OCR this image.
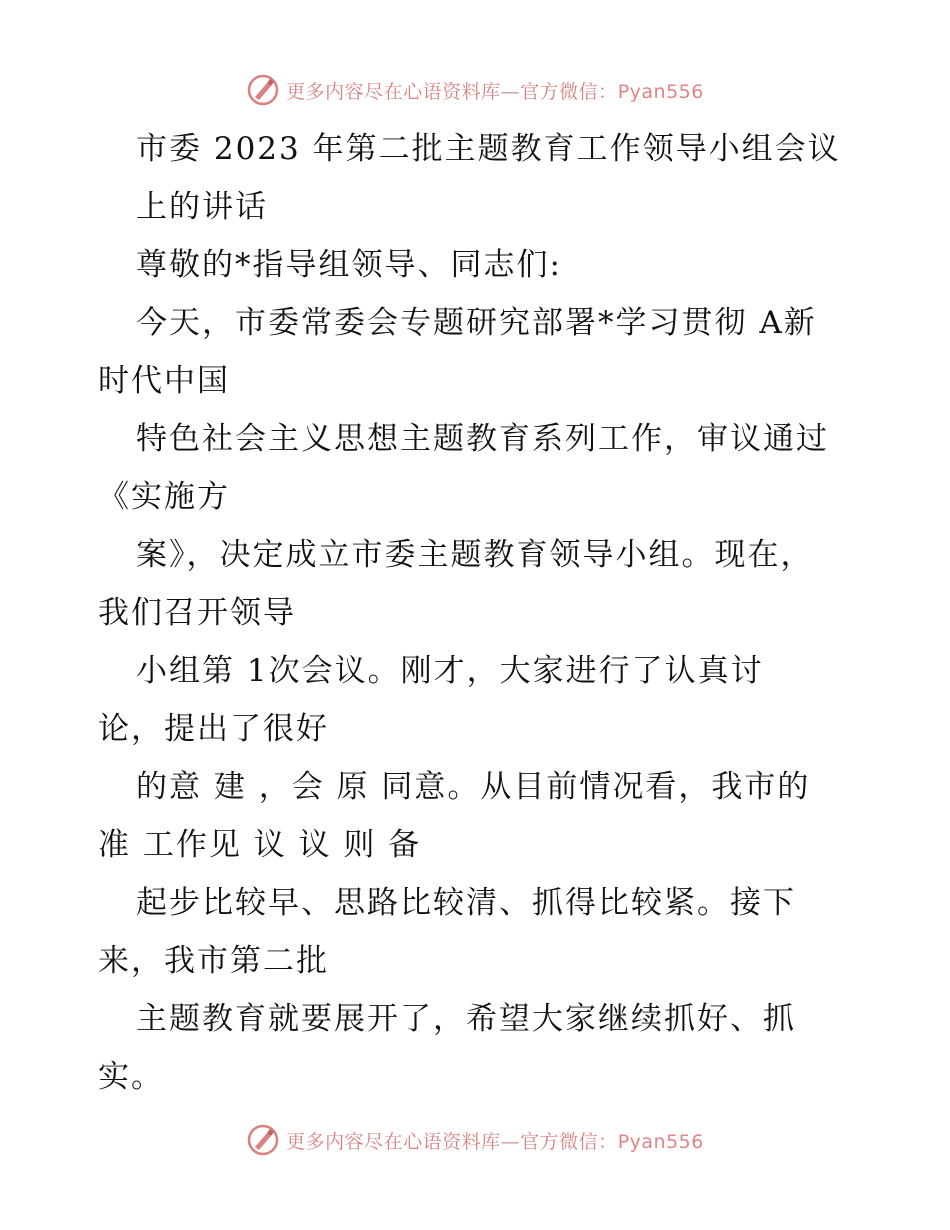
更多内容尽在心语资料库—官方微信：Pyan556
市委 2023 年第二批主题教育工作领导小组会议
上的讲话
尊敬的*指导组领导、同志们:
今天，市委常委会专题研究部署*学习贯彻 A新
时代中国
特色社会主义思想主题教育系列工作，审议通过
《实施方
案》，决定成立市委主题教育领导小组。现在，
我们召开领导
小组第 1次会议。刚才，大家进行了认真讨
论，提出了很好
的意 建 ，会 原 同意。从目前情况看，我市的
准 工作见 议 议 则 备
起步比较早、思路比较清、抓得比较紧。接下
来，我市第二批
主题教育就要展开了，希望大家继续抓好、抓
实。
更多内容尽在心语资料库—官方微信：Pyan556
